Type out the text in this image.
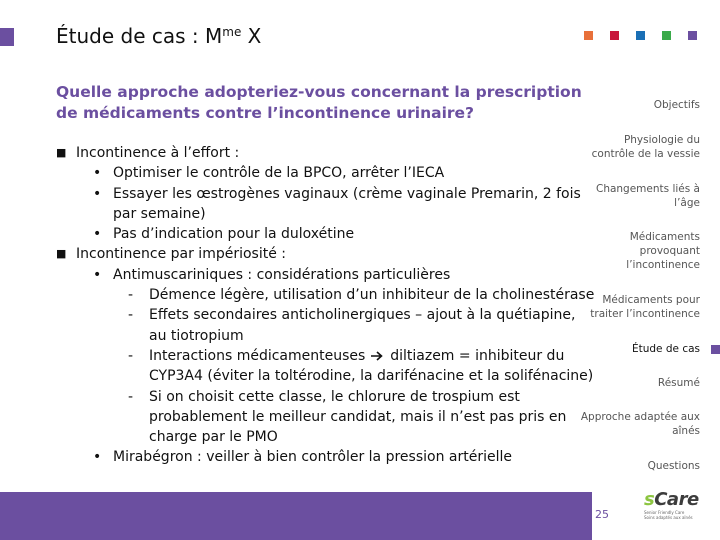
Étude de cas : $M^{me}$ X
Quelle approche adopteriez-vous concernant la prescription de médicaments contre l’incontinence urinaire?
■ Incontinence à l’effort :
• Optimiser le contrôle de la BPCO, arrêter l’IECA
• Essayer les œstrogènes vaginaux (crème vaginale Premarin, 2 fois par semaine)
• Pas d’indication pour la duloxétine
■ Incontinence par impériosité :
• Antimuscariniques : considérations particulières
- Démence légère, utilisation d’un inhibiteur de la cholinestérase
- Effets secondaires anticholinergiques – ajout à la quétiapine, au tiotropium
- Interactions médicamenteuses  diltiazem = inhibiteur du CYP3A4 (éviter la toltérodine, la darifénacine et la solifénacine)
- Si on choisit cette classe, le chlorure de trospium est probablement le meilleur candidat, mais il n’est pas pris en charge par le PMO
• Mirabégron : veiller à bien contrôler la pression artérielle
Objectifs
Physiologie du contrôle de la vessie
Changements liés à l’âge
Médicaments provoquant l’incontinence
Médicaments pour traiter l’incontinence
Étude de cas
Résumé
Approche adaptée aux aînés
Questions
25
sCare
Senior Friendly Care
Soins adaptés aux aînés
